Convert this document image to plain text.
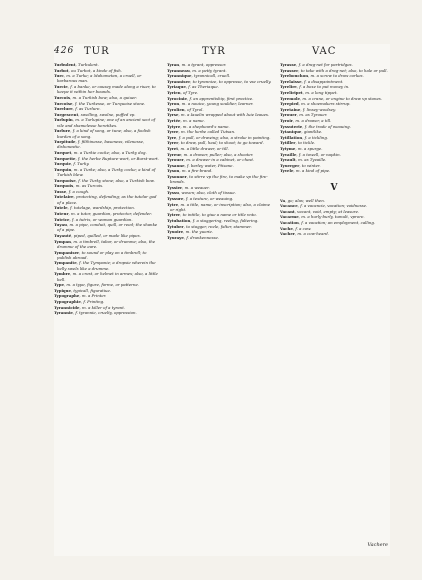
426 TUR	TYR	VAC
Turbulent, Turbulent.
Turbot, ou Turbot, a kinde of fish.
Turc, m. a Turke; a Mahometan, a cruell, or barbarous man.
Turcie, f. a banke, or causey made along a riuer, to keepe it within her bounds.
Turcois, m. a Turkish bow; also, a quiuer.
Turcoise, f. the Turkesse, or Turquoise stone.
Turelure, f. as Turlure.
Turgescent, swelling, swolne, puffed vp.
Turlupin, m. a Turlupine; one of an ancient sect of vile and shamelesse heretikes.
Turlure, f. a kind of song, or tune; also, a foolish burden of a song.
Turpitude, f. filthinesse, baseness, vilenesse, dishonestie.
Turquet, m. a Turkie cocke; also, a Turky dog.
Turquette, f. the herbe Rupture-wort, or Burst-wort.
Turquie, f. Turky.
Turquin, m. a Turke; also, a Turky cocke; a kind of Turkish blew.
Turquoise, f. the Turky stone; also, a Turkish bow.
Turquois, m. as Turcois.
Tusse, f. a cough.
Tutelaire, protecting, defending; as the tutelar god of a place.
Tutele, f. tutelage, wardship, protection.
Tuteur, m. a tutor, guardian, protector, defender.
Tutrice, f. a tutrix, or woman guardian.
Tuyau, m. a pipe, conduit, quill, or reed; the shanke of a pipe.
Tuyauté, piped, quilled, or made like pipes.
Tympan, m. a timbrell, tabor, or drumme; also, the drumme of the eare.
Tympaniser, to sound or play on a timbrell; to publish abroad.
Tympanite, f. the Tympanie; a dropsie wherein the belly swels like a drumme.
Tymbre, m. a crest, or helmet in armes; also, a little bell.
Type, m. a type, figure, forme, or patterne.
Typique, typicall, figuratiue.
Typographe, m. a Printer.
Typographie, f. Printing.
Tyrannicide, m. a killer of a tyrant.
Tyrannie, f. tyrannie, cruelty, oppression.
Tyran, m. a tyrant, oppressor.
Tyranneau, m. a petty tyrant.
Tyrannique, tyrannicall, cruell.
Tyranniser, to tyrannize, to oppresse, to vse cruelly.
Tyriaque, f. as Theriaque.
Tyrien, of Tyre.
Tyrocinie, f. an apprentiship, first practice.
Tyron, m. a nouice, young souldier, learner.
Tyrolien, of Tyrol.
Tyrse, m. a Iauelin wrapped about with Iuie leaues.
Tyrtée, m. a name.
Tytyre, m. a shepheard's name.
Tyvre, m. the herbe called Tutsan.
Tyre, f. a pull, or drawing; also, a stroke in painting.
Tyrer, to draw, pull, haul; to shoot; to go toward.
Tyret, m. a little drawer, or till.
Tyreur, m. a drawer, puller; also, a shooter.
Tyrouer, m. a drawer in a cabinet, or chest.
Tysanne, f. barley water, Ptisane.
Tyson, m. a fire-brand.
Tysonner, to stirre vp the fire, to make vp the fire-brands.
Tyssier, m. a weauer.
Tyssu, woven; also, cloth of tissue.
Tyssure, f. a texture, or weauing.
Tytre, m. a title, name, or inscription; also, a claime or right.
Tytrer, to intitle, to giue a name or title vnto.
Tytubation, f. a staggering, reeling, faltering.
Tytuber, to stagger, reele, falter, stammer.
Tyuoire, m. the yuorie.
Tyuraye, f. drunkennesse.
Tyrasse, f. a drag-net for partridges.
Tyrasser, to take with a drag-net; also, to hale or pull.
Tyrebouchon, m. a screw to draw corkes.
Tyrelaisse, f. a disappointment.
Tyrelire, f. a boxe to put money in.
Tyreliripet, m. a long tippet.
Tyremole, m. a crane, or engine to draw vp stones.
Tyrepied, m. a shoemakers stirrup.
Tyretaine, f. linsey-woolsey.
Tyrouer, m. as Tyrouer.
Tyroir, m. a drawer, a till.
Tyssuterie, f. the trade of weauing.
Tytanique, giantlike.
Tytillation, f. a tickling.
Tytiller, to tickle.
Tytyme, m. a spurge.
Tyvaille, f. a towell, or napkin.
Tyvault, m. as Tyvaille.
Tyuerger, to winter.
Tyvele, m. a kind of pipe.
V
Va, go; alas; well then.
Vacance, f. a vacancie, vacation; voidnesse.
Vacant, vacant, void, empty; at leasure.
Vacarme, m. a hurly-burly, tumult, vprore.
Vacation, f. a vacation; an employment, calling.
Vache, f. a cow.
Vacher, m. a cow-heard.
Vachere
